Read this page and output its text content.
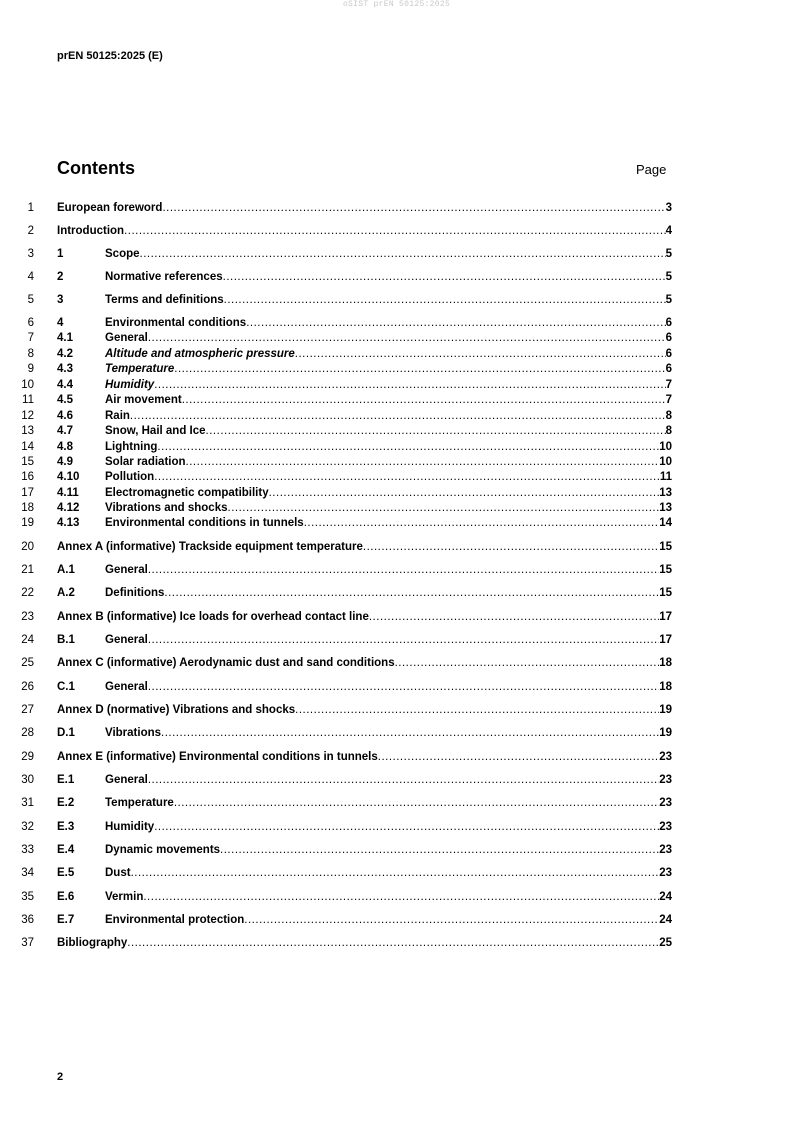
oSIST prEN 50125:2025
prEN 50125:2025 (E)
Contents	Page
1 European foreword .....	3
2 Introduction .....	4
3 1	Scope .....	5
4 2	Normative references .....	5
5 3	Terms and definitions .....	5
6 4	Environmental conditions .....	6
7 4.1	General .....	6
8 4.2	Altitude and atmospheric pressure .....	6
9 4.3	Temperature .....	6
10 4.4	Humidity .....	7
11 4.5	Air movement .....	7
12 4.6	Rain .....	8
13 4.7	Snow, Hail and Ice .....	8
14 4.8	Lightning .....	10
15 4.9	Solar radiation .....	10
16 4.10	Pollution .....	11
17 4.11	Electromagnetic compatibility .....	13
18 4.12	Vibrations and shocks .....	13
19 4.13	Environmental conditions in tunnels .....	14
20 Annex A (informative) Trackside equipment temperature .....	15
21 A.1	General .....	15
22 A.2	Definitions .....	15
23 Annex B (informative) Ice loads for overhead contact line .....	17
24 B.1	General .....	17
25 Annex C (informative) Aerodynamic dust and sand conditions .....	18
26 C.1	General .....	18
27 Annex D (normative) Vibrations and shocks .....	19
28 D.1	Vibrations .....	19
29 Annex E (informative) Environmental conditions in tunnels .....	23
30 E.1	General .....	23
31 E.2	Temperature .....	23
32 E.3	Humidity .....	23
33 E.4	Dynamic movements .....	23
34 E.5	Dust .....	23
35 E.6	Vermin .....	24
36 E.7	Environmental protection .....	24
37 Bibliography .....	25
2
